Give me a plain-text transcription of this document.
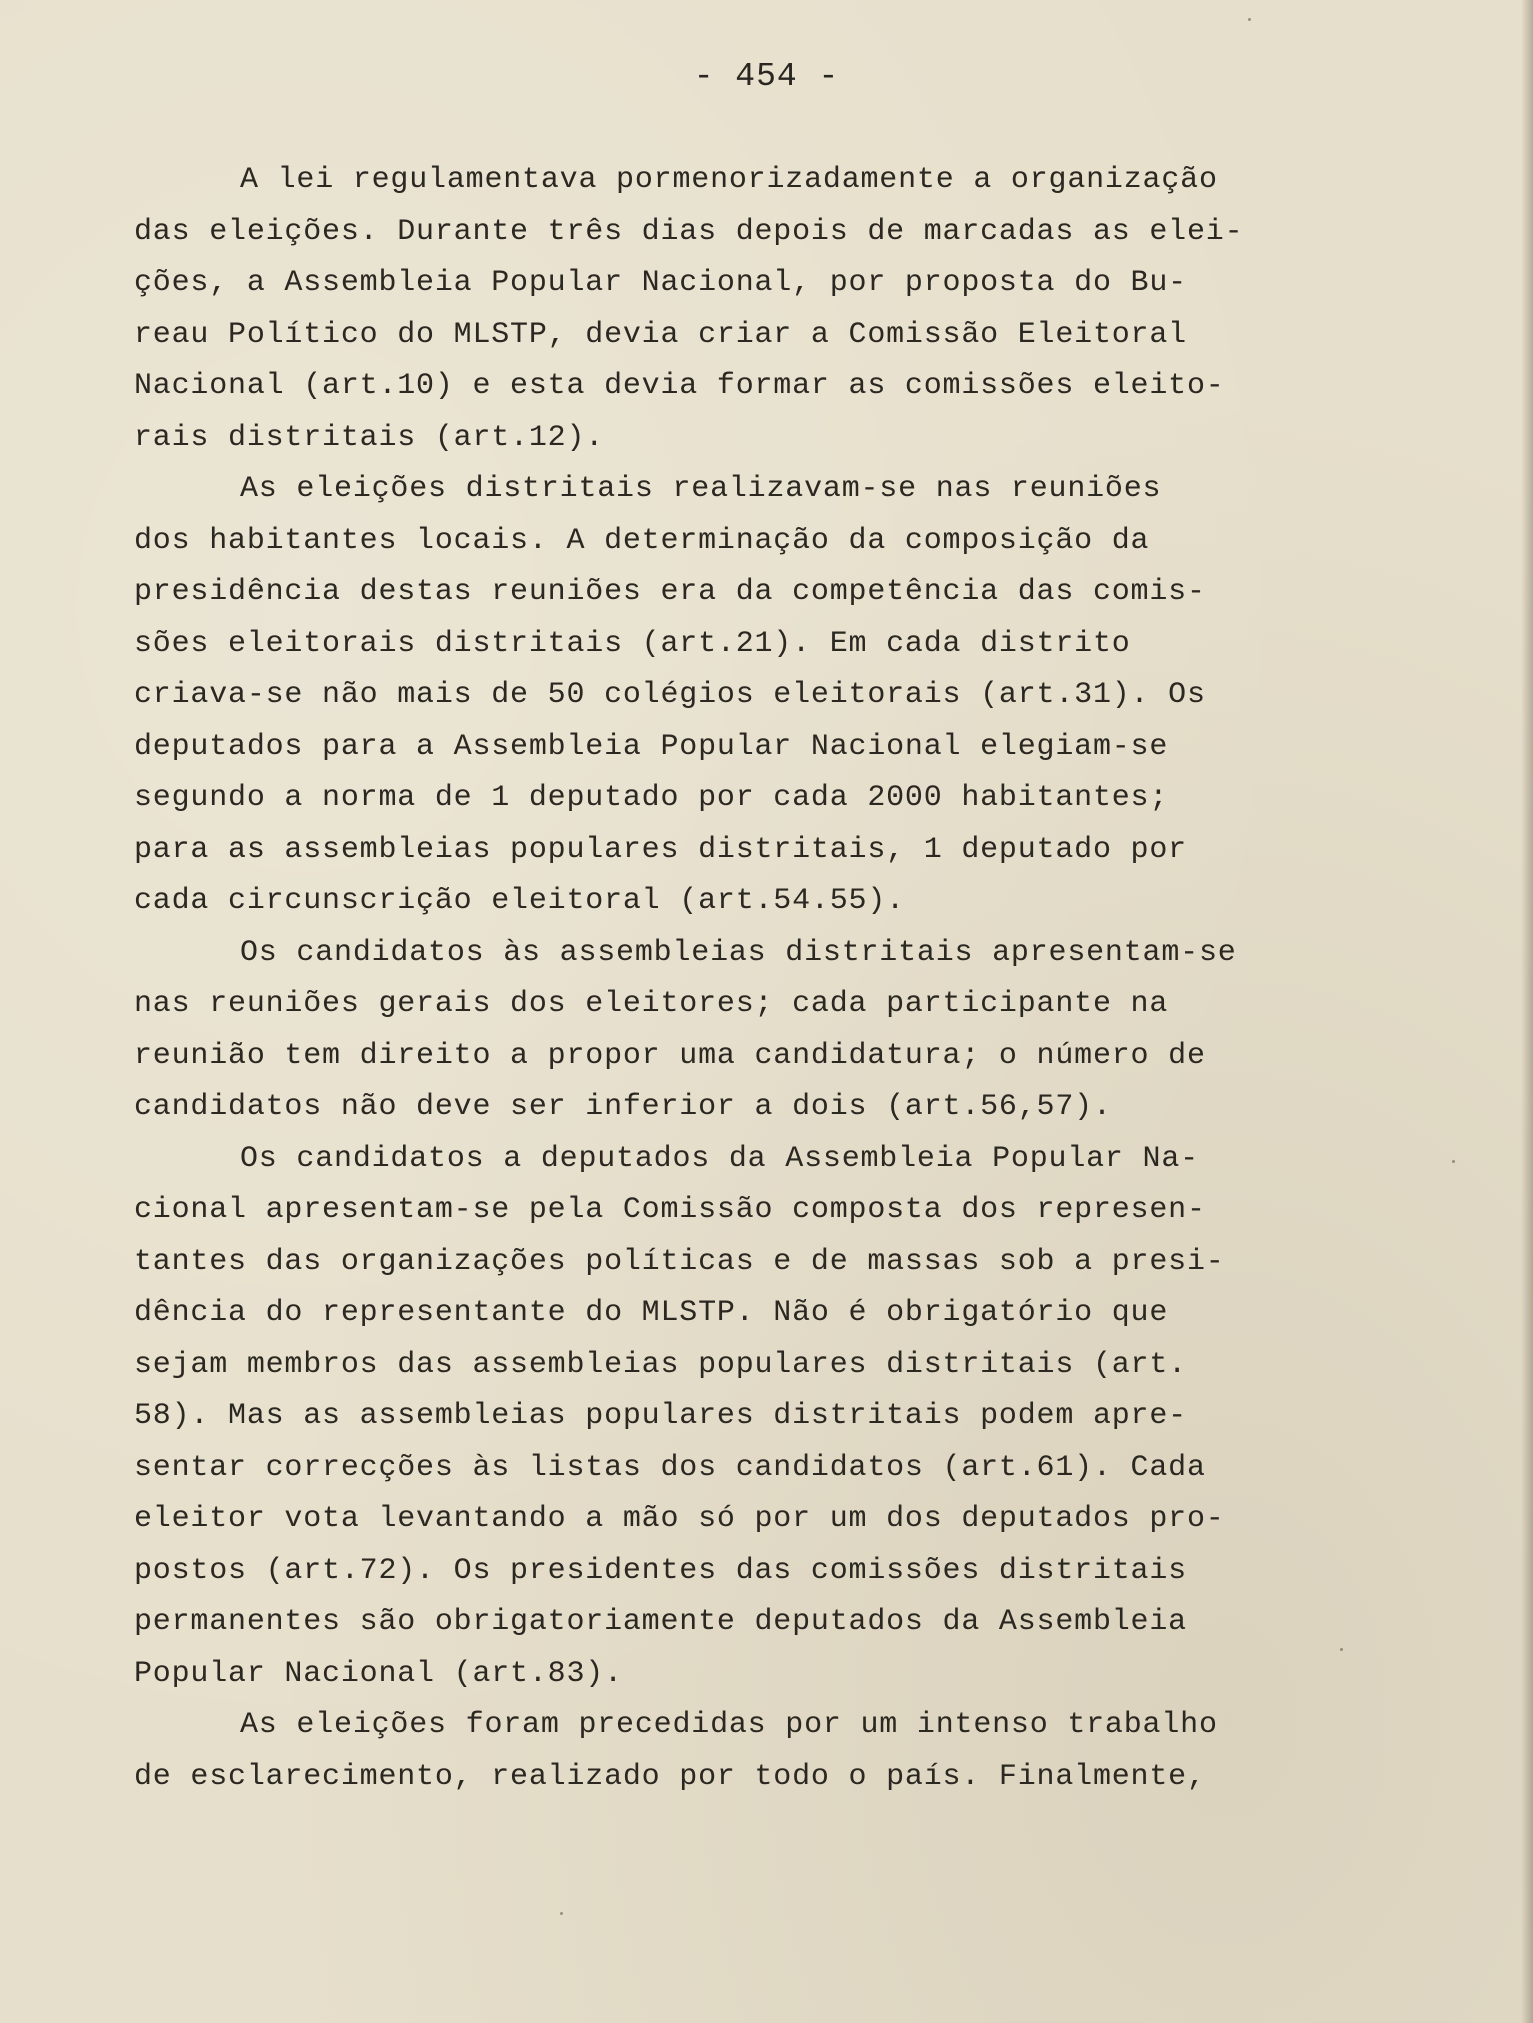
- 454 -
A lei regulamentava pormenorizadamente a organização
das eleições. Durante três dias depois de marcadas as elei-
ções, a Assembleia Popular Nacional, por proposta do Bu-
reau Político do MLSTP, devia criar a Comissão Eleitoral
Nacional (art.10) e esta devia formar as comissões eleito-
rais distritais (art.12).
As eleições distritais realizavam-se nas reuniões
dos habitantes locais. A determinação da composição da
presidência destas reuniões era da competência das comis-
sões eleitorais distritais (art.21). Em cada distrito
criava-se não mais de 50 colégios eleitorais (art.31). Os
deputados para a Assembleia Popular Nacional elegiam-se
segundo a norma de 1 deputado por cada 2000 habitantes;
para as assembleias populares distritais, 1 deputado por
cada circunscrição eleitoral (art.54.55).
Os candidatos às assembleias distritais apresentam-se
nas reuniões gerais dos eleitores; cada participante na
reunião tem direito a propor uma candidatura; o número de
candidatos não deve ser inferior a dois (art.56,57).
Os candidatos a deputados da Assembleia Popular Na-
cional apresentam-se pela Comissão composta dos represen-
tantes das organizações políticas e de massas sob a presi-
dência do representante do MLSTP. Não é obrigatório que
sejam membros das assembleias populares distritais (art.
58). Mas as assembleias populares distritais podem apre-
sentar correcções às listas dos candidatos (art.61). Cada
eleitor vota levantando a mão só por um dos deputados pro-
postos (art.72). Os presidentes das comissões distritais
permanentes são obrigatoriamente deputados da Assembleia
Popular Nacional (art.83).
As eleições foram precedidas por um intenso trabalho
de esclarecimento, realizado por todo o país. Finalmente,
